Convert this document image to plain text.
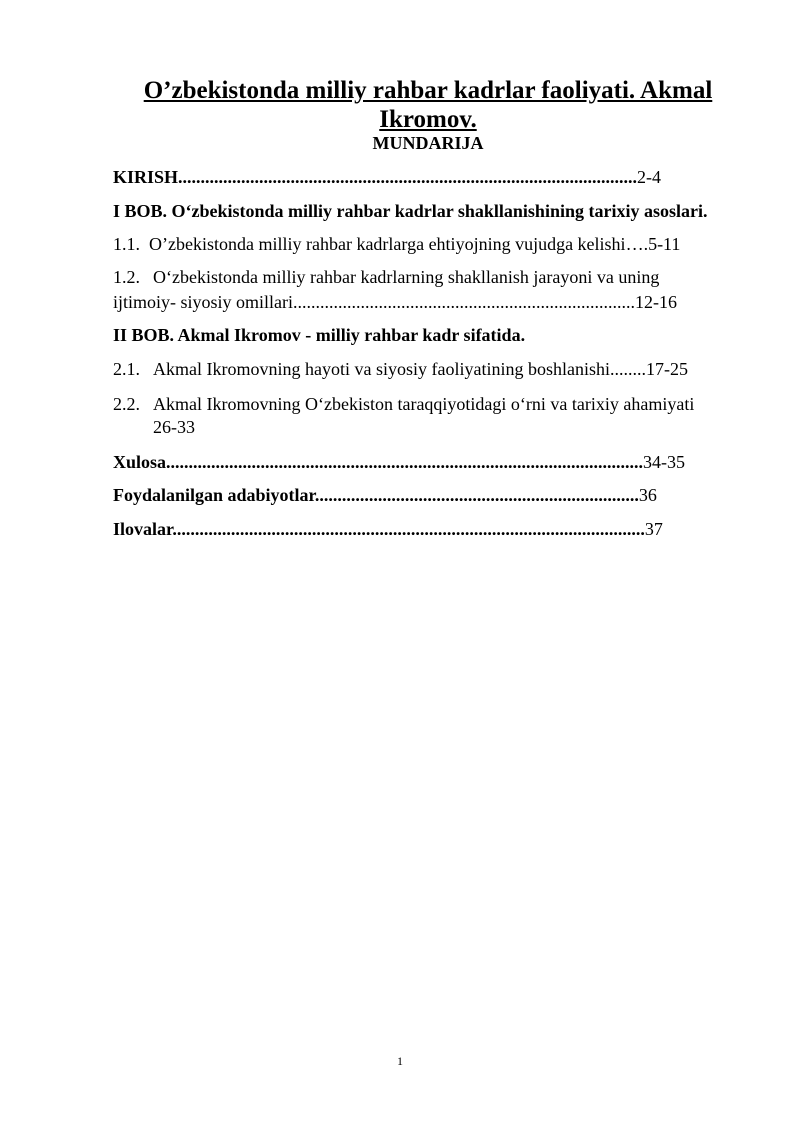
O’zbekistonda milliy rahbar kadrlar faoliyati. Akmal
Ikromov.
MUNDARIJA
KIRISH......................................................................................................2-4
I BOB. O‘zbekistonda milliy rahbar kadrlar shakllanishining tarixiy asoslari.
1.1. O’zbekistonda milliy rahbar kadrlarga ehtiyojning vujudga kelishi….5-11
1.2. O‘zbekistonda milliy rahbar kadrlarning shakllanish jarayoni va uning
ijtimoiy- siyosiy omillari............................................................................12-16
II BOB. Akmal Ikromov - milliy rahbar kadr sifatida.
2.1. Akmal Ikromovning hayoti va siyosiy faoliyatining boshlanishi........17-25
2.2. Akmal Ikromovning O‘zbekiston taraqqiyotidagi o‘rni va tarixiy ahamiyati
26-33
Xulosa..........................................................................................................34-35
Foydalanilgan adabiyotlar........................................................................36
Ilovalar.........................................................................................................37
1
